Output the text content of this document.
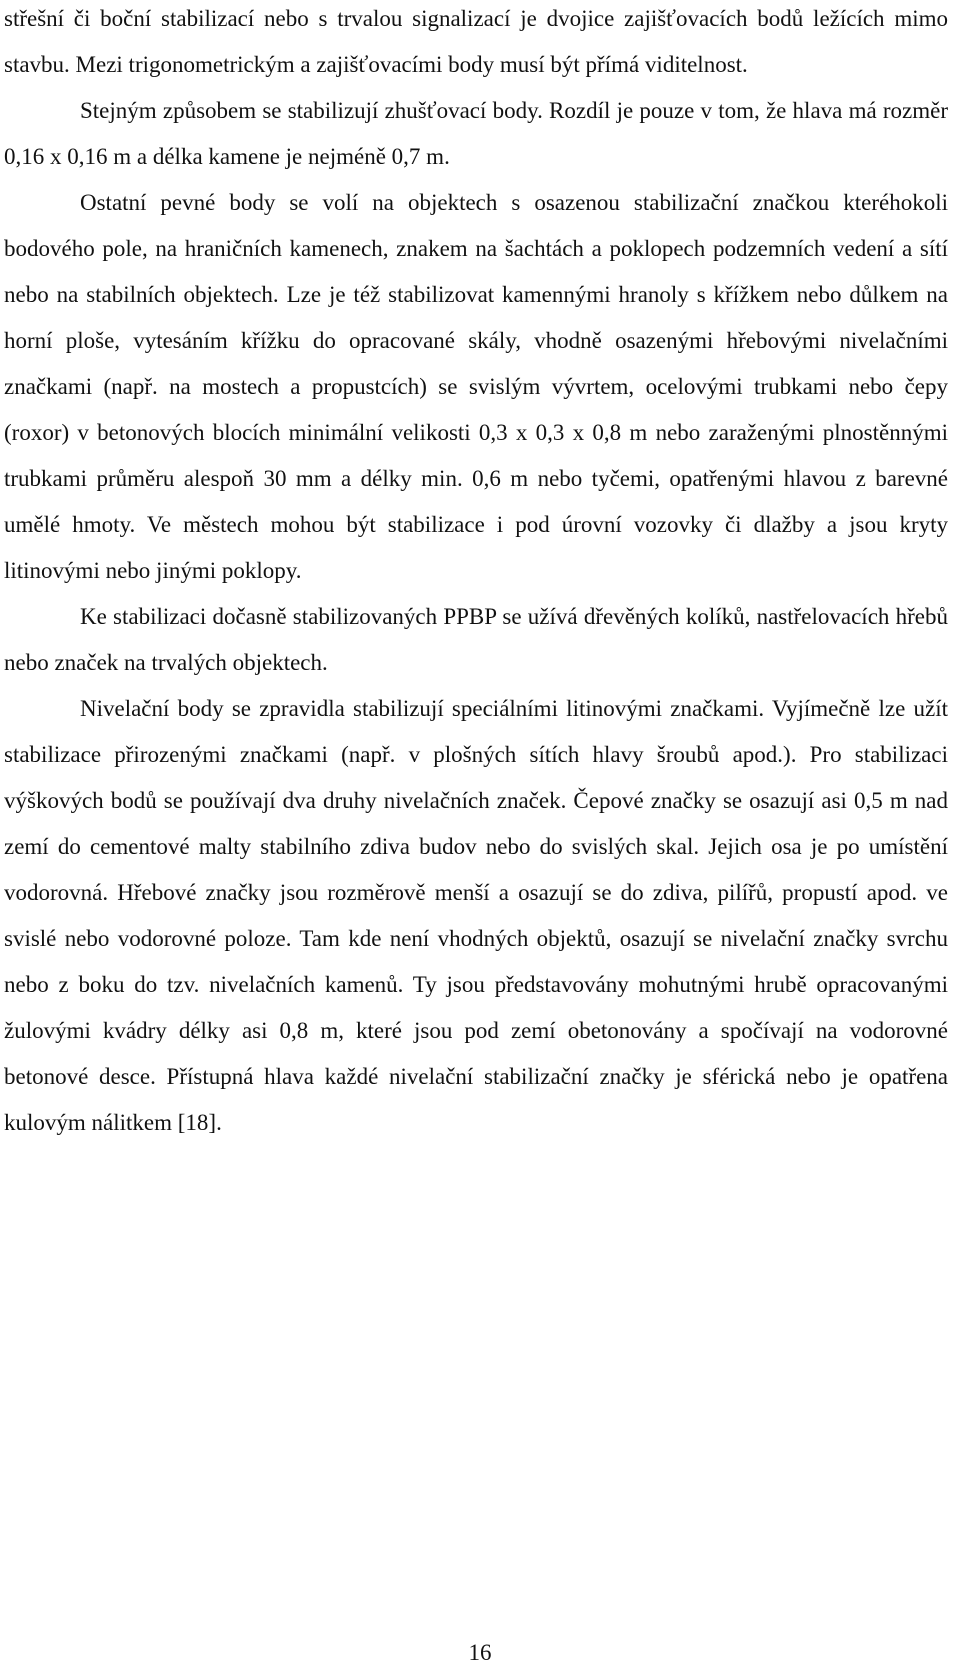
střešní či boční stabilizací nebo s trvalou signalizací je dvojice zajišťovacích bodů ležících mimo stavbu. Mezi trigonometrickým a zajišťovacími body musí být přímá viditelnost.

Stejným způsobem se stabilizují zhušťovací body. Rozdíl je pouze v tom, že hlava má rozměr 0,16 x 0,16 m a délka kamene je nejméně 0,7 m.

Ostatní pevné body se volí na objektech s osazenou stabilizační značkou kteréhokoli bodového pole, na hraničních kamenech, znakem na šachtách a poklopech podzemních vedení a sítí nebo na stabilních objektech. Lze je též stabilizovat kamennými hranoly s křížkem nebo důlkem na horní ploše, vytesáním křížku do opracované skály, vhodně osazenými hřebovými nivelačními značkami (např. na mostech a propustcích) se svislým vývrtem, ocelovými trubkami nebo čepy (roxor) v betonových blocích minimální velikosti 0,3 x 0,3 x 0,8 m nebo zaraženými plnostěnnými trubkami průměru alespoň 30 mm a délky min. 0,6 m nebo tyčemi, opatřenými hlavou z barevné umělé hmoty. Ve městech mohou být stabilizace i pod úrovní vozovky či dlažby a jsou kryty litinovými nebo jinými poklopy.

Ke stabilizaci dočasně stabilizovaných PPBP se užívá dřevěných kolíků, nastřelovacích hřebů nebo značek na trvalých objektech.

Nivelační body se zpravidla stabilizují speciálními litinovými značkami. Vyjímečně lze užít stabilizace přirozenými značkami (např. v plošných sítích hlavy šroubů apod.). Pro stabilizaci výškových bodů se používají dva druhy nivelačních značek. Čepové značky se osazují asi 0,5 m nad zemí do cementové malty stabilního zdiva budov nebo do svislých skal. Jejich osa je po umístění vodorovná. Hřebové značky jsou rozměrově menší a osazují se do zdiva, pilířů, propustí apod. ve svislé nebo vodorovné poloze. Tam kde není vhodných objektů, osazují se nivelační značky svrchu nebo z boku do tzv. nivelačních kamenů. Ty jsou představovány mohutnými hrubě opracovanými žulovými kvádry délky asi 0,8 m, které jsou pod zemí obetonovány a spočívají na vodorovné betonové desce. Přístupná hlava každé nivelační stabilizační značky je sférická nebo je opatřena kulovým nálitkem [18].

16
